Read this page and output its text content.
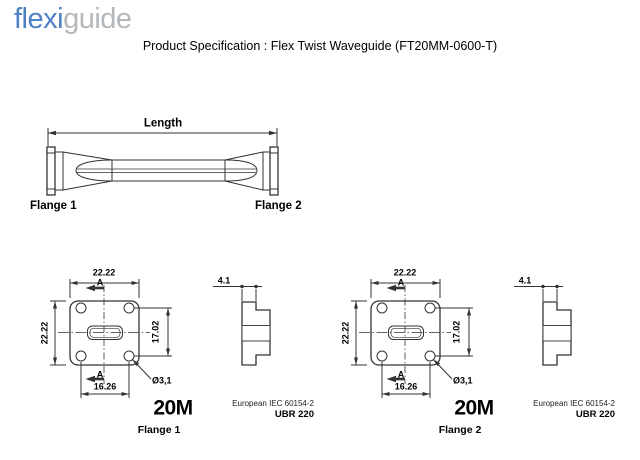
flexiguide
Product Specification : Flex Twist Waveguide (FT20MM-0600-T)
Length
Flange 1	Flange 2
22.22
22.22	17.02
16.26
Ø3,1
4.1
A
A
20M	European IEC 60154-2
UBR 220
Flange 1
22.22
22.22	17.02
16.26
Ø3,1
4.1
A
A
20M	European IEC 60154-2
UBR 220
Flange 2
